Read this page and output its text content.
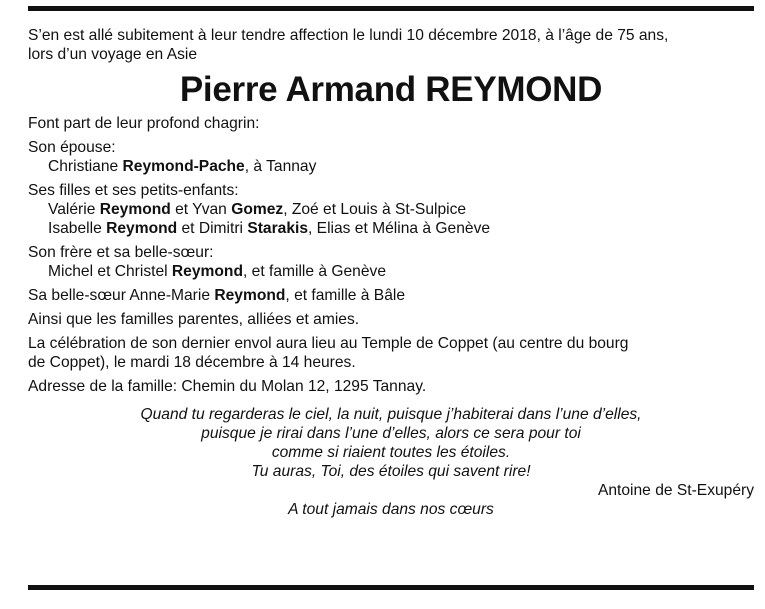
S’en est allé subitement à leur tendre affection le lundi 10 décembre 2018, à l’âge de 75 ans,
lors d’un voyage en Asie
Pierre Armand REYMOND
Font part de leur profond chagrin:
Son épouse:
Christiane Reymond-Pache, à Tannay
Ses filles et ses petits-enfants:
Valérie Reymond et Yvan Gomez, Zoé et Louis à St-Sulpice
Isabelle Reymond et Dimitri Starakis, Elias et Mélina à Genève
Son frère et sa belle-sœur:
Michel et Christel Reymond, et famille à Genève
Sa belle-sœur Anne-Marie Reymond, et famille à Bâle
Ainsi que les familles parentes, alliées et amies.
La célébration de son dernier envol aura lieu au Temple de Coppet (au centre du bourg
de Coppet), le mardi 18 décembre à 14 heures.
Adresse de la famille: Chemin du Molan 12, 1295 Tannay.
Quand tu regarderas le ciel, la nuit, puisque j’habiterai dans l’une d’elles,
puisque je rirai dans l’une d’elles, alors ce sera pour toi
comme si riaient toutes les étoiles.
Tu auras, Toi, des étoiles qui savent rire!
Antoine de St-Exupéry
A tout jamais dans nos cœurs
